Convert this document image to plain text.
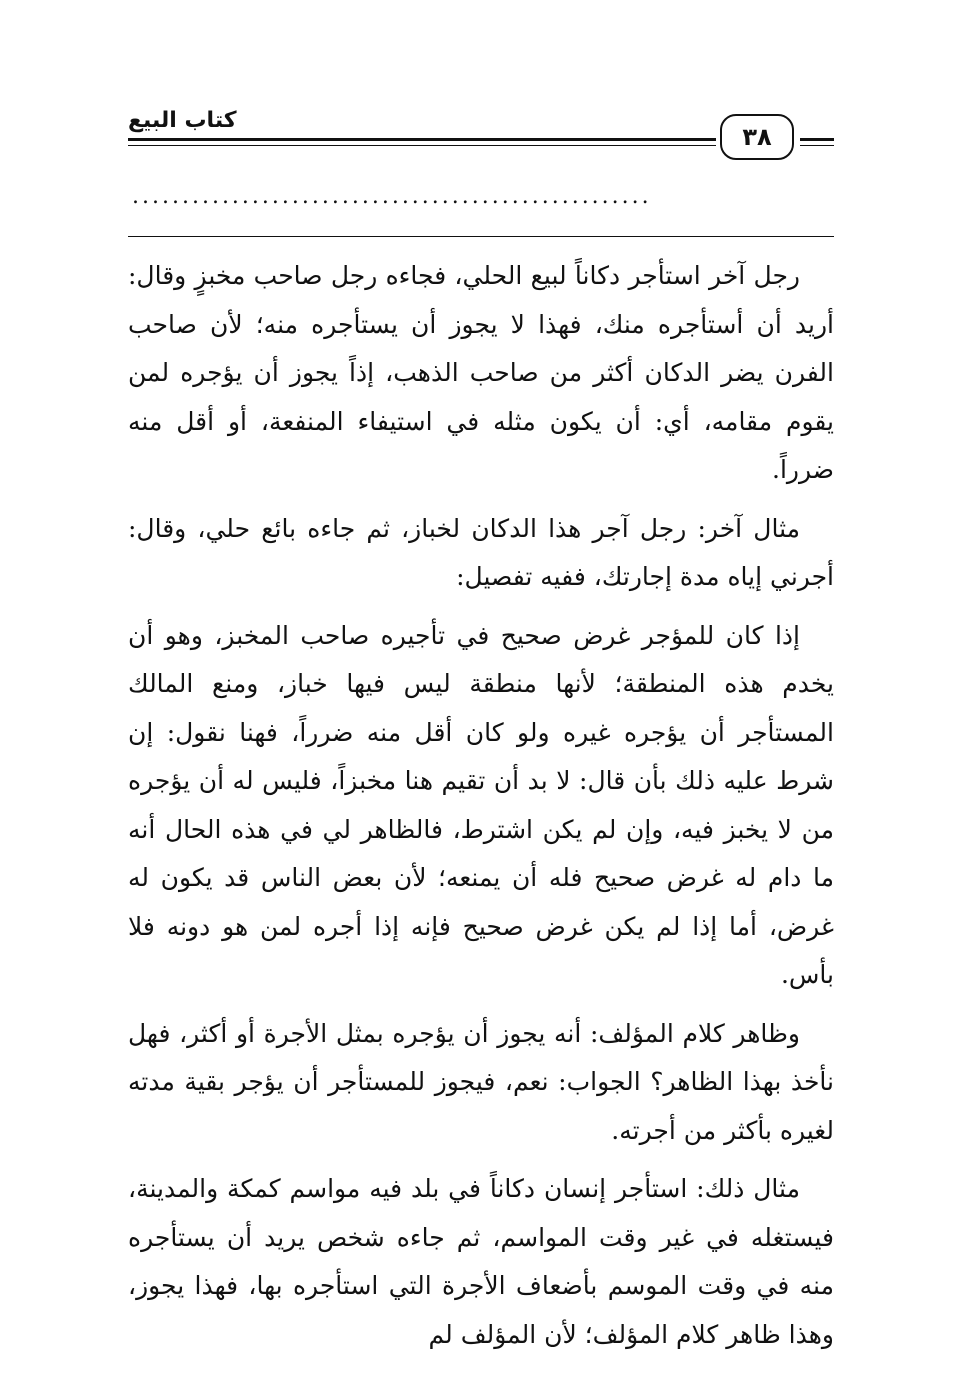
كتاب البيع
٣٨
....................................................

رجل آخر استأجر دكاناً لبيع الحلي، فجاءه رجل صاحب مخبزٍ وقال: أريد أن أستأجره منك، فهذا لا يجوز أن يستأجره منه؛ لأن صاحب الفرن يضر الدكان أكثر من صاحب الذهب، إذاً يجوز أن يؤجره لمن يقوم مقامه، أي: أن يكون مثله في استيفاء المنفعة، أو أقل منه ضرراً.

مثال آخر: رجل آجر هذا الدكان لخباز، ثم جاءه بائع حلي، وقال: أجرني إياه مدة إجارتك، ففيه تفصيل:

إذا كان للمؤجر غرض صحيح في تأجيره صاحب المخبز، وهو أن يخدم هذه المنطقة؛ لأنها منطقة ليس فيها خباز، ومنع المالك المستأجر أن يؤجره غيره ولو كان أقل منه ضرراً، فهنا نقول: إن شرط عليه ذلك بأن قال: لا بد أن تقيم هنا مخبزاً، فليس له أن يؤجره من لا يخبز فيه، وإن لم يكن اشترط، فالظاهر لي في هذه الحال أنه ما دام له غرض صحيح فله أن يمنعه؛ لأن بعض الناس قد يكون له غرض، أما إذا لم يكن غرض صحيح فإنه إذا أجره لمن هو دونه فلا بأس.

وظاهر كلام المؤلف: أنه يجوز أن يؤجره بمثل الأجرة أو أكثر، فهل نأخذ بهذا الظاهر؟ الجواب: نعم، فيجوز للمستأجر أن يؤجر بقية مدته لغيره بأكثر من أجرته.

مثال ذلك: استأجر إنسان دكاناً في بلد فيه مواسم كمكة والمدينة، فيستغله في غير وقت المواسم، ثم جاءه شخص يريد أن يستأجره منه في وقت الموسم بأضعاف الأجرة التي استأجره بها، فهذا يجوز، وهذا ظاهر كلام المؤلف؛ لأن المؤلف لم
